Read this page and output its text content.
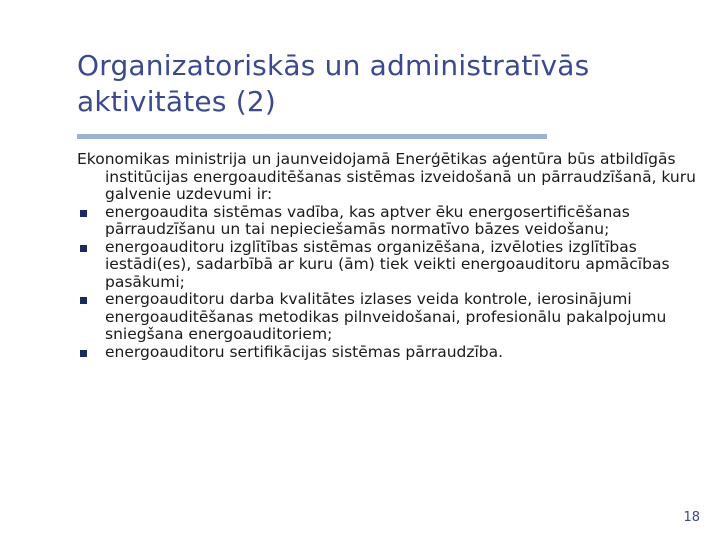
Organizatoriskās un administratīvās
aktivitātes (2)

Ekonomikas ministrija un jaunveidojamā Enerģētikas aģentūra būs atbildīgās institūcijas energoauditēšanas sistēmas izveidošanā un pārraudzīšanā, kuru galvenie uzdevumi ir:

energoaudita sistēmas vadība, kas aptver ēku energosertificēšanas pārraudzīšanu un tai nepieciešamās normatīvo bāzes veidošanu;
energoauditoru izglītības sistēmas organizēšana, izvēloties izglītības iestādi(es), sadarbībā ar kuru (ām) tiek veikti energoauditoru apmācības pasākumi;
energoauditoru darba kvalitātes izlases veida kontrole, ierosinājumi energoauditēšanas metodikas pilnveidošanai, profesionālu pakalpojumu sniegšana energoauditoriem;
energoauditoru sertifikācijas sistēmas pārraudzība.
18
